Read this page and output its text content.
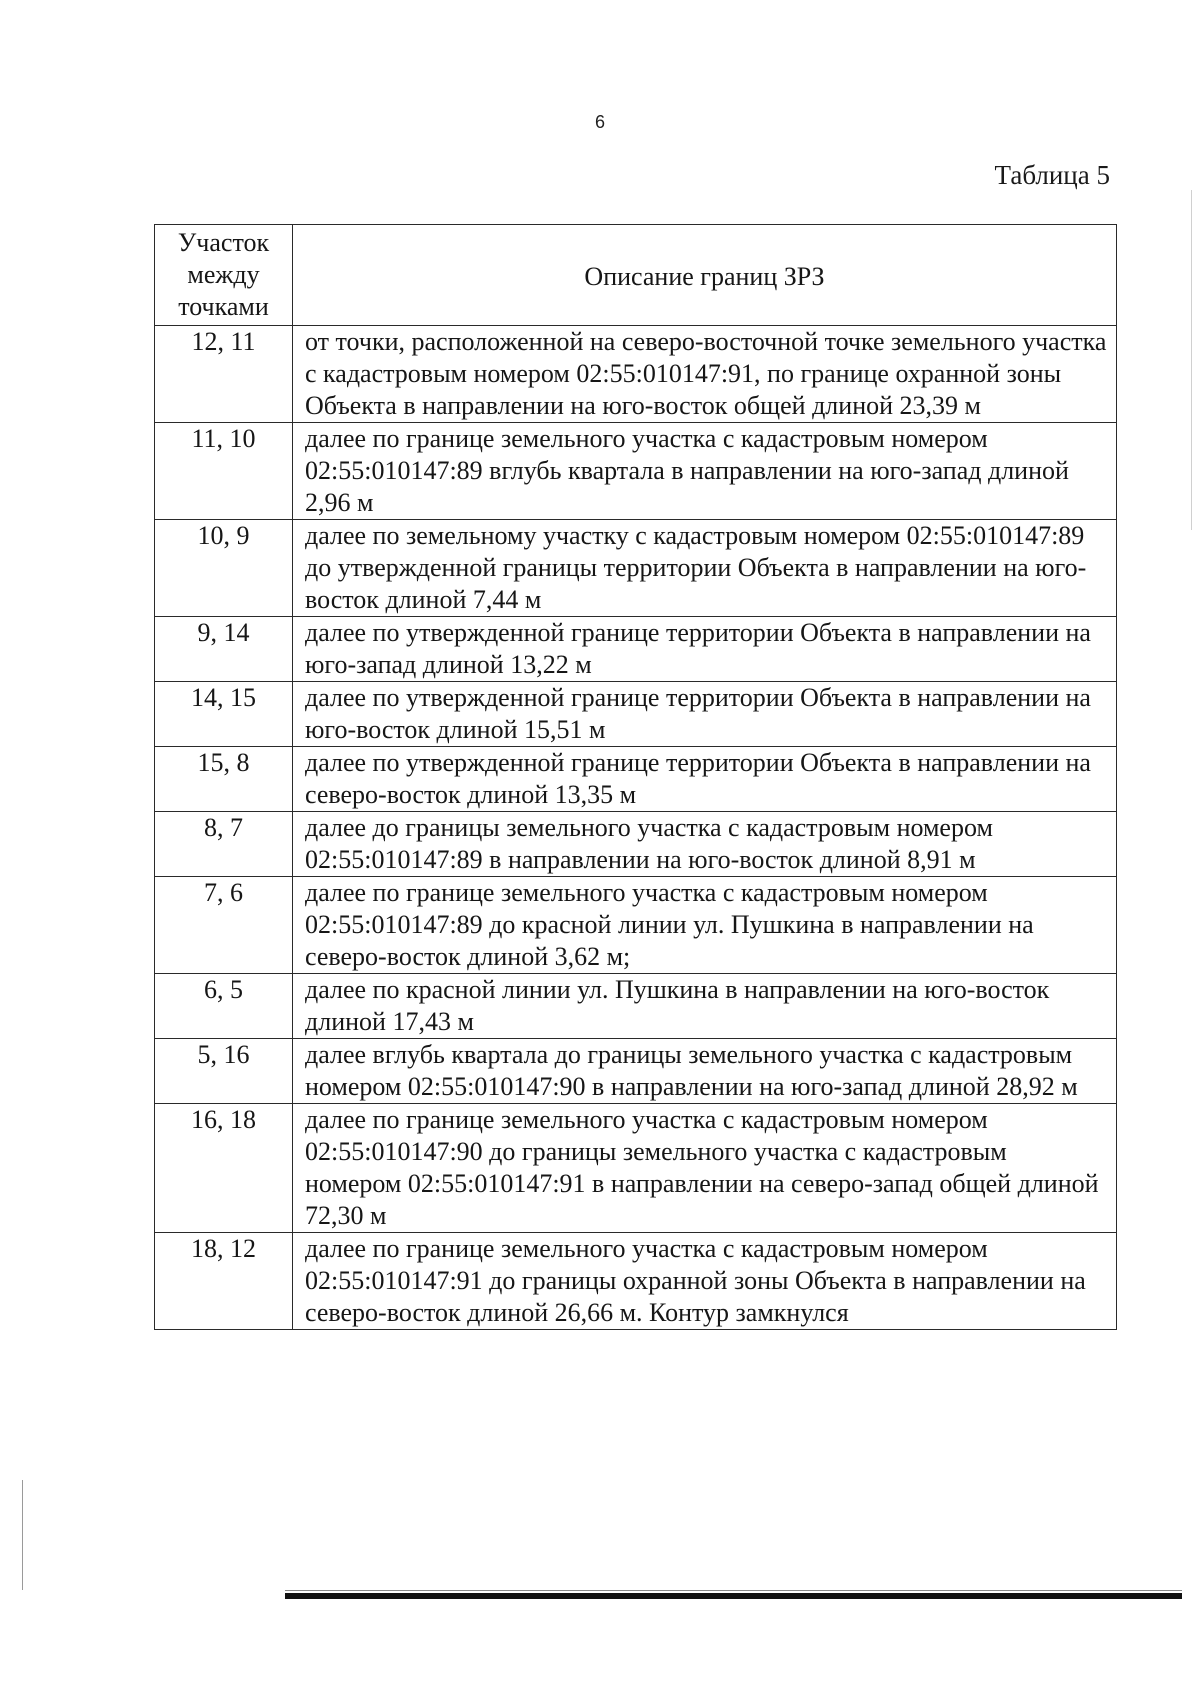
6
Таблица 5
Участок между точками	Описание границ ЗРЗ
12, 11	от точки, расположенной на северо-восточной точке земельного участка с кадастровым номером 02:55:010147:91, по границе охранной зоны Объекта в направлении на юго-восток общей длиной 23,39 м
11, 10	далее по границе земельного участка с кадастровым номером 02:55:010147:89 вглубь квартала в направлении на юго-запад длиной 2,96 м
10, 9	далее по земельному участку с кадастровым номером 02:55:010147:89 до утвержденной границы территории Объекта в направлении на юго-восток длиной 7,44 м
9, 14	далее по утвержденной границе территории Объекта в направлении на юго-запад длиной 13,22 м
14, 15	далее по утвержденной границе территории Объекта в направлении на юго-восток длиной 15,51 м
15, 8	далее по утвержденной границе территории Объекта в направлении на северо-восток длиной 13,35 м
8, 7	далее до границы земельного участка с кадастровым номером 02:55:010147:89 в направлении на юго-восток длиной 8,91 м
7, 6	далее по границе земельного участка с кадастровым номером 02:55:010147:89 до красной линии ул. Пушкина в направлении на северо-восток длиной 3,62 м;
6, 5	далее по красной линии ул. Пушкина в направлении на юго-восток длиной 17,43 м
5, 16	далее вглубь квартала до границы земельного участка с кадастровым номером 02:55:010147:90 в направлении на юго-запад длиной 28,92 м
16, 18	далее по границе земельного участка с кадастровым номером 02:55:010147:90 до границы земельного участка с кадастровым номером 02:55:010147:91 в направлении на северо-запад общей длиной 72,30 м
18, 12	далее по границе земельного участка с кадастровым номером 02:55:010147:91 до границы охранной зоны Объекта в направлении на северо-восток длиной 26,66 м. Контур замкнулся
